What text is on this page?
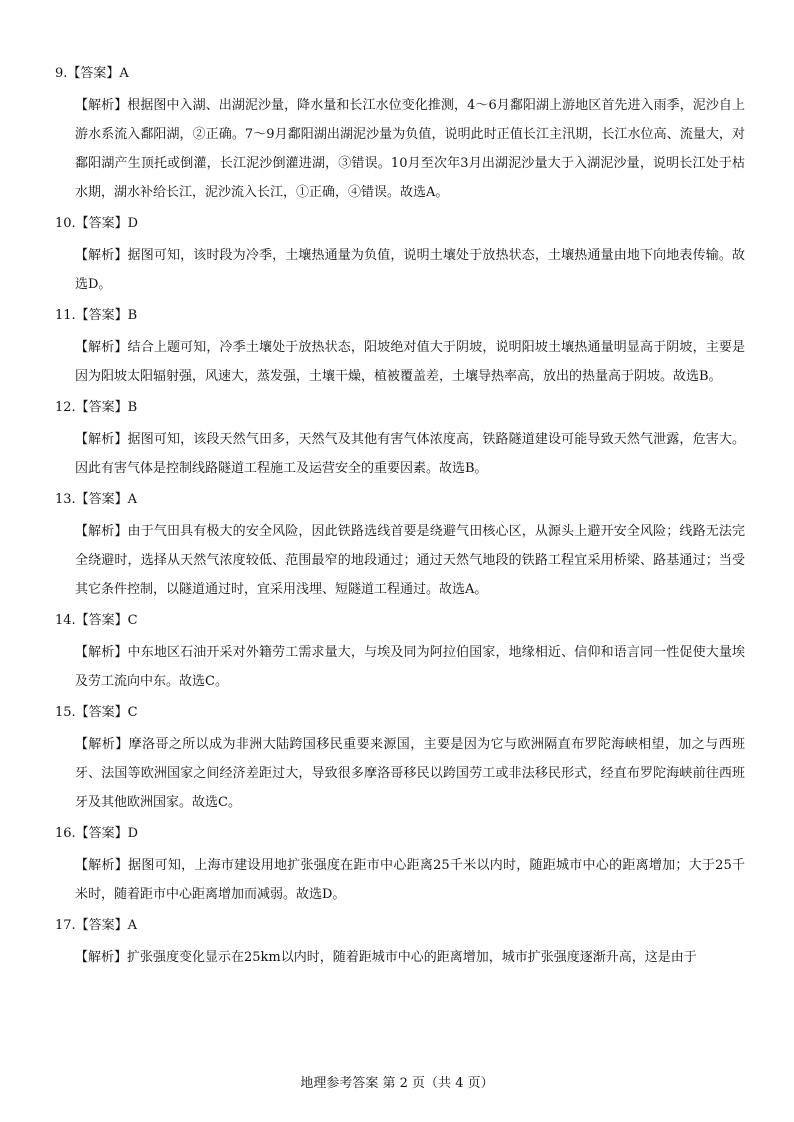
9.【答案】A
【解析】根据图中入湖、出湖泥沙量，降水量和长江水位变化推测，4～6月鄱阳湖上游地区首先进入雨季，泥沙自上游水系流入鄱阳湖，②正确。7～9月鄱阳湖出湖泥沙量为负值，说明此时正值长江主汛期，长江水位高、流量大，对鄱阳湖产生顶托或倒灌，长江泥沙倒灌进湖，③错误。10月至次年3月出湖泥沙量大于入湖泥沙量，说明长江处于枯水期，湖水补给长江，泥沙流入长江，①正确，④错误。故选A。
10.【答案】D
【解析】据图可知，该时段为冷季，土壤热通量为负值，说明土壤处于放热状态，土壤热通量由地下向地表传输。故选D。
11.【答案】B
【解析】结合上题可知，冷季土壤处于放热状态，阳坡绝对值大于阴坡，说明阳坡土壤热通量明显高于阴坡，主要是因为阳坡太阳辐射强，风速大，蒸发强，土壤干燥，植被覆盖差，土壤导热率高，放出的热量高于阴坡。故选B。
12.【答案】B
【解析】据图可知，该段天然气田多，天然气及其他有害气体浓度高，铁路隧道建设可能导致天然气泄露，危害大。因此有害气体是控制线路隧道工程施工及运营安全的重要因素。故选B。
13.【答案】A
【解析】由于气田具有极大的安全风险，因此铁路选线首要是绕避气田核心区，从源头上避开安全风险；线路无法完全绕避时，选择从天然气浓度较低、范围最窄的地段通过；通过天然气地段的铁路工程宜采用桥梁、路基通过；当受其它条件控制，以隧道通过时，宜采用浅埋、短隧道工程通过。故选A。
14.【答案】C
【解析】中东地区石油开采对外籍劳工需求量大，与埃及同为阿拉伯国家，地缘相近、信仰和语言同一性促使大量埃及劳工流向中东。故选C。
15.【答案】C
【解析】摩洛哥之所以成为非洲大陆跨国移民重要来源国，主要是因为它与欧洲隔直布罗陀海峡相望，加之与西班牙、法国等欧洲国家之间经济差距过大，导致很多摩洛哥移民以跨国劳工或非法移民形式，经直布罗陀海峡前往西班牙及其他欧洲国家。故选C。
16.【答案】D
【解析】据图可知，上海市建设用地扩张强度在距市中心距离25千米以内时，随距城市中心的距离增加；大于25千米时，随着距市中心距离增加而减弱。故选D。
17.【答案】A
【解析】扩张强度变化显示在25km以内时，随着距城市中心的距离增加，城市扩张强度逐渐升高，这是由于
地理参考答案 第 2 页（共 4 页）
